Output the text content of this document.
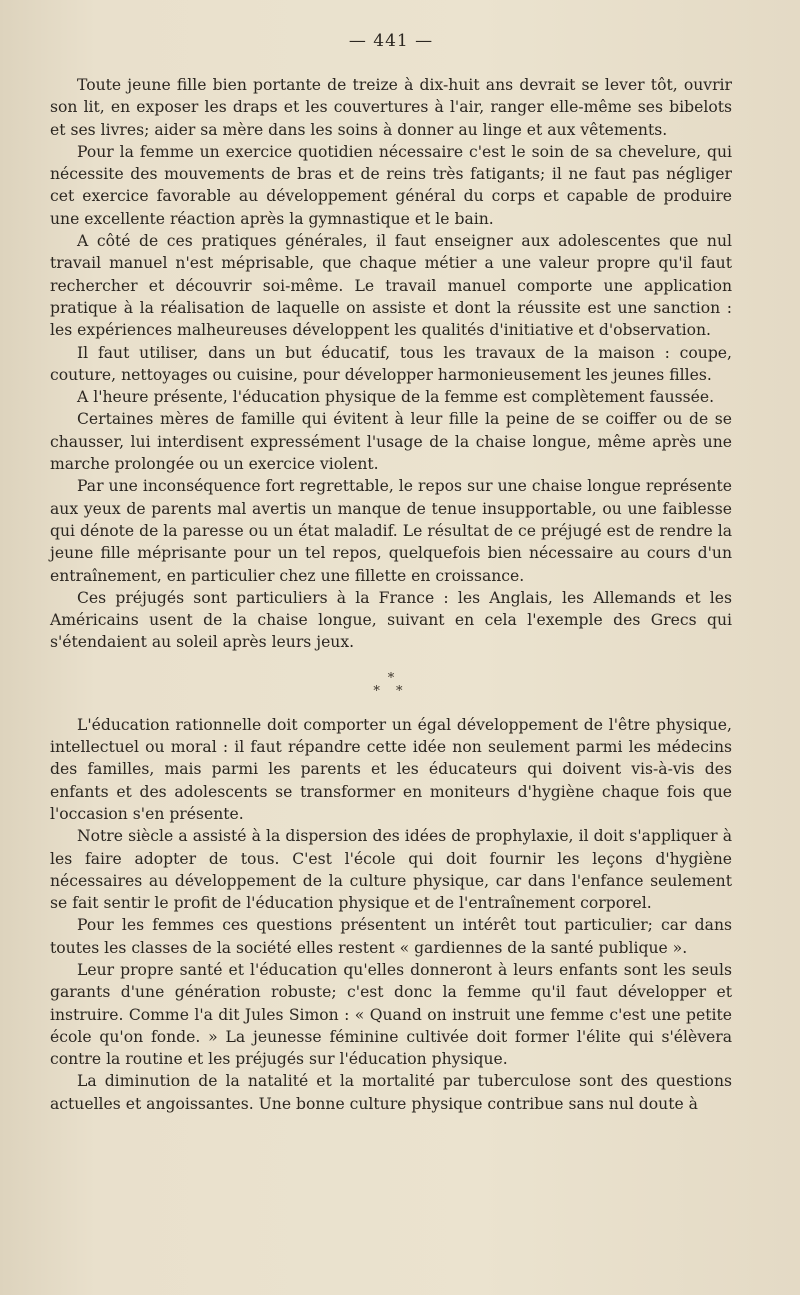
— 441 —

Toute jeune fille bien portante de treize à dix-huit ans devrait se lever tôt, ouvrir son lit, en exposer les draps et les couvertures à l'air, ranger elle-même ses bibelots et ses livres; aider sa mère dans les soins à donner au linge et aux vêtements.

Pour la femme un exercice quotidien nécessaire c'est le soin de sa chevelure, qui nécessite des mouvements de bras et de reins très fatigants; il ne faut pas négliger cet exercice favorable au développement général du corps et capable de produire une excellente réaction après la gymnastique et le bain.

A côté de ces pratiques générales, il faut enseigner aux adolescentes que nul travail manuel n'est méprisable, que chaque métier a une valeur propre qu'il faut rechercher et découvrir soi-même. Le travail manuel comporte une application pratique à la réalisation de laquelle on assiste et dont la réussite est une sanction : les expériences malheureuses développent les qualités d'initiative et d'observation.

Il faut utiliser, dans un but éducatif, tous les travaux de la maison : coupe, couture, nettoyages ou cuisine, pour développer harmonieusement les jeunes filles.

A l'heure présente, l'éducation physique de la femme est complètement faussée.

Certaines mères de famille qui évitent à leur fille la peine de se coiffer ou de se chausser, lui interdisent expressément l'usage de la chaise longue, même après une marche prolongée ou un exercice violent.

Par une inconséquence fort regrettable, le repos sur une chaise longue représente aux yeux de parents mal avertis un manque de tenue insupportable, ou une faiblesse qui dénote de la paresse ou un état maladif. Le résultat de ce préjugé est de rendre la jeune fille méprisante pour un tel repos, quelquefois bien nécessaire au cours d'un entraînement, en particulier chez une fillette en croissance.

Ces préjugés sont particuliers à la France : les Anglais, les Allemands et les Américains usent de la chaise longue, suivant en cela l'exemple des Grecs qui s'étendaient au soleil après leurs jeux.

*
* *

L'éducation rationnelle doit comporter un égal développement de l'être physique, intellectuel ou moral : il faut répandre cette idée non seulement parmi les médecins des familles, mais parmi les parents et les éducateurs qui doivent vis-à-vis des enfants et des adolescents se transformer en moniteurs d'hygiène chaque fois que l'occasion s'en présente.

Notre siècle a assisté à la dispersion des idées de prophylaxie, il doit s'appliquer à les faire adopter de tous. C'est l'école qui doit fournir les leçons d'hygiène nécessaires au développement de la culture physique, car dans l'enfance seulement se fait sentir le profit de l'éducation physique et de l'entraînement corporel.

Pour les femmes ces questions présentent un intérêt tout particulier; car dans toutes les classes de la société elles restent « gardiennes de la santé publique ».

Leur propre santé et l'éducation qu'elles donneront à leurs enfants sont les seuls garants d'une génération robuste; c'est donc la femme qu'il faut développer et instruire. Comme l'a dit Jules Simon : « Quand on instruit une femme c'est une petite école qu'on fonde. » La jeunesse féminine cultivée doit former l'élite qui s'élèvera contre la routine et les préjugés sur l'éducation physique.

La diminution de la natalité et la mortalité par tuberculose sont des questions actuelles et angoissantes. Une bonne culture physique contribue sans nul doute à
